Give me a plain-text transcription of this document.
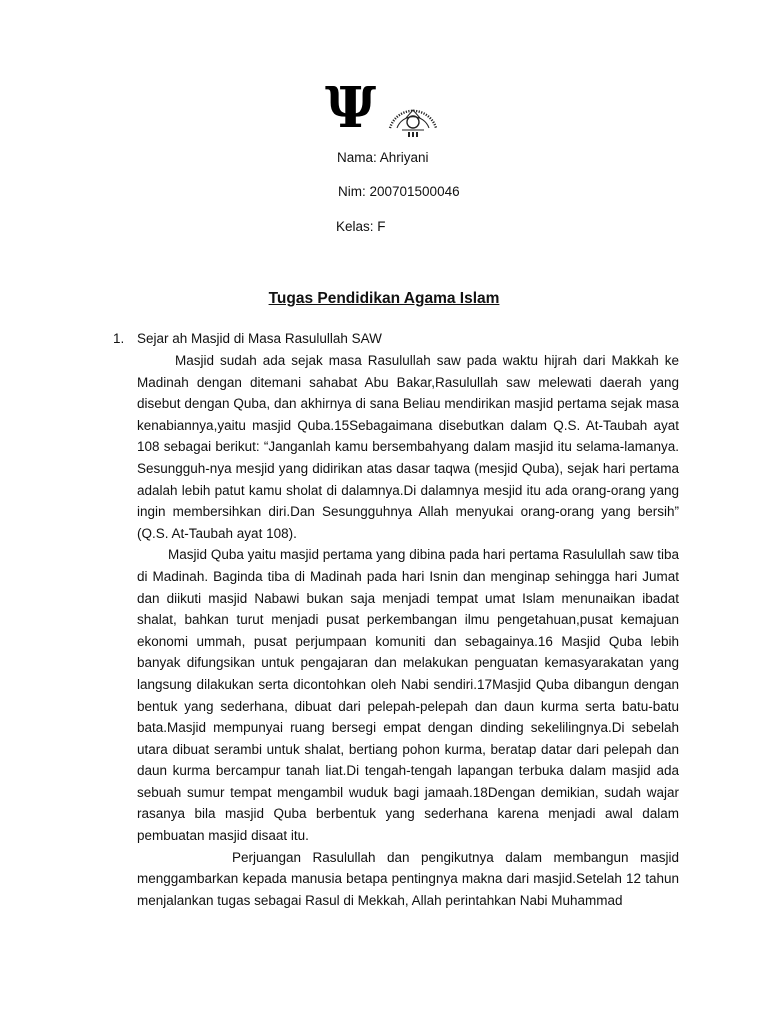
Ψ
Nama: Ahriyani
Nim: 200701500046
Kelas: F
Tugas Pendidikan Agama Islam
1. Sejar ah Masjid di Masa Rasulullah SAW

Masjid sudah ada sejak masa Rasulullah saw pada waktu hijrah dari Makkah ke Madinah dengan ditemani sahabat Abu Bakar,Rasulullah saw melewati daerah yang disebut dengan Quba, dan akhirnya di sana Beliau mendirikan masjid pertama sejak masa kenabiannya,yaitu masjid Quba.15Sebagaimana disebutkan dalam Q.S. At-Taubah ayat 108 sebagai berikut: “Janganlah kamu bersembahyang dalam masjid itu selama-lamanya. Sesungguh-nya mesjid yang didirikan atas dasar taqwa (mesjid Quba), sejak hari pertama adalah lebih patut kamu sholat di dalamnya.Di dalamnya mesjid itu ada orang-orang yang ingin membersihkan diri.Dan Sesungguhnya Allah menyukai orang-orang yang bersih” (Q.S. At-Taubah ayat 108).

Masjid Quba yaitu masjid pertama yang dibina pada hari pertama Rasulullah saw tiba di Madinah. Baginda tiba di Madinah pada hari Isnin dan menginap sehingga hari Jumat dan diikuti masjid Nabawi bukan saja menjadi tempat umat Islam menunaikan ibadat shalat, bahkan turut menjadi pusat perkembangan ilmu pengetahuan,pusat kemajuan ekonomi ummah, pusat perjumpaan komuniti dan sebagainya.16 Masjid Quba lebih banyak difungsikan untuk pengajaran dan melakukan penguatan kemasyarakatan yang langsung dilakukan serta dicontohkan oleh Nabi sendiri.17Masjid Quba dibangun dengan bentuk yang sederhana, dibuat dari pelepah-pelepah dan daun kurma serta batu-batu bata.Masjid mempunyai ruang bersegi empat dengan dinding sekelilingnya.Di sebelah utara dibuat serambi untuk shalat, bertiang pohon kurma, beratap datar dari pelepah dan daun kurma bercampur tanah liat.Di tengah-tengah lapangan terbuka dalam masjid ada sebuah sumur tempat mengambil wuduk bagi jamaah.18Dengan demikian, sudah wajar rasanya bila masjid Quba berbentuk yang sederhana karena menjadi awal dalam pembuatan masjid disaat itu.

Perjuangan Rasulullah dan pengikutnya dalam membangun masjid menggambarkan kepada manusia betapa pentingnya makna dari masjid.Setelah 12 tahun menjalankan tugas sebagai Rasul di Mekkah, Allah perintahkan Nabi Muhammad
